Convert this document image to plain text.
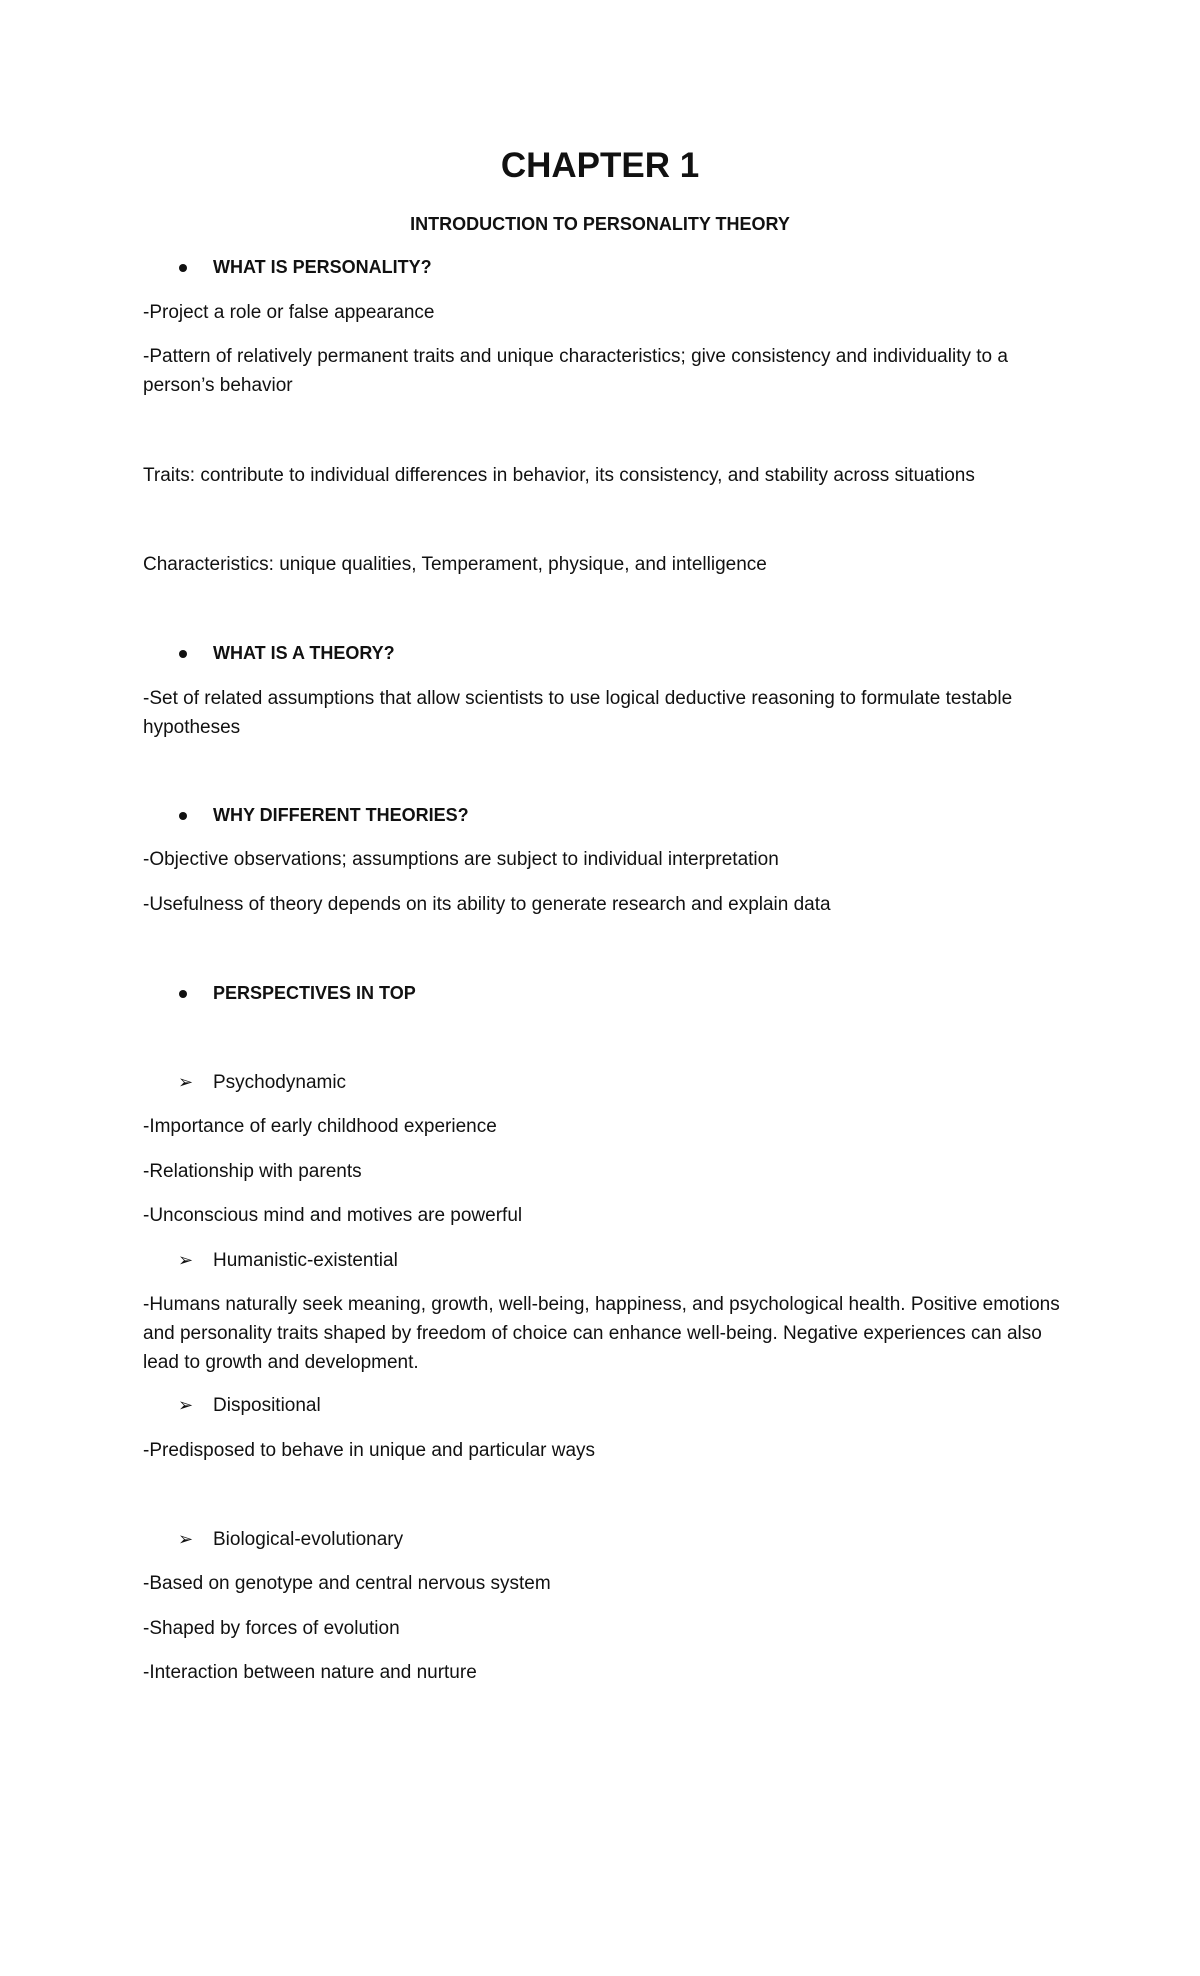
CHAPTER 1
INTRODUCTION TO PERSONALITY THEORY
WHAT IS PERSONALITY?
-Project a role or false appearance
-Pattern of relatively permanent traits and unique characteristics; give consistency and individuality to a person’s behavior
Traits: contribute to individual differences in behavior, its consistency, and stability across situations
Characteristics: unique qualities, Temperament, physique, and intelligence
WHAT IS A THEORY?
-Set of related assumptions that allow scientists to use logical deductive reasoning to formulate testable hypotheses
WHY DIFFERENT THEORIES?
-Objective observations; assumptions are subject to individual interpretation
-Usefulness of theory depends on its ability to generate research and explain data
PERSPECTIVES IN TOP
➢ Psychodynamic
-Importance of early childhood experience
-Relationship with parents
-Unconscious mind and motives are powerful
➢ Humanistic-existential
-Humans naturally seek meaning, growth, well-being, happiness, and psychological health. Positive emotions and personality traits shaped by freedom of choice can enhance well-being. Negative experiences can also lead to growth and development.
➢ Dispositional
-Predisposed to behave in unique and particular ways
➢ Biological-evolutionary
-Based on genotype and central nervous system
-Shaped by forces of evolution
-Interaction between nature and nurture
